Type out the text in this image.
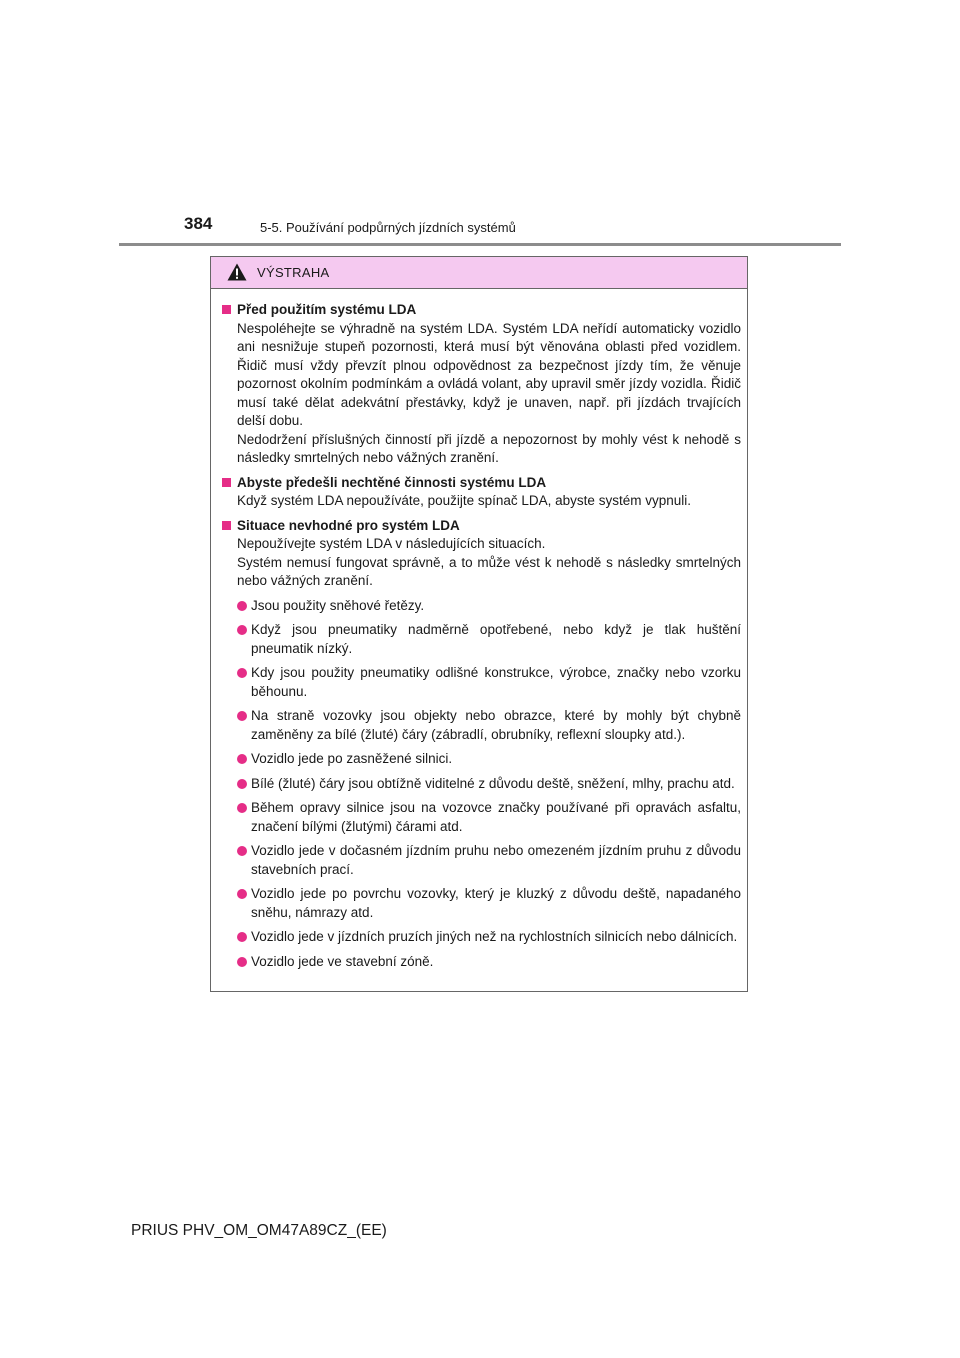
384	5-5. Používání podpůrných jízdních systémů
VÝSTRAHA
Před použitím systému LDA
Nespoléhejte se výhradně na systém LDA. Systém LDA neřídí automaticky vozidlo ani nesnižuje stupeň pozornosti, která musí být věnována oblasti před vozidlem. Řidič musí vždy převzít plnou odpovědnost za bezpečnost jízdy tím, že věnuje pozornost okolním podmínkám a ovládá volant, aby upravil směr jízdy vozidla. Řidič musí také dělat adekvátní přestávky, když je unaven, např. při jízdách trvajících delší dobu.
Nedodržení příslušných činností při jízdě a nepozornost by mohly vést k nehodě s následky smrtelných nebo vážných zranění.
Abyste předešli nechtěné činnosti systému LDA
Když systém LDA nepoužíváte, použijte spínač LDA, abyste systém vypnuli.
Situace nevhodné pro systém LDA
Nepoužívejte systém LDA v následujících situacích.
Systém nemusí fungovat správně, a to může vést k nehodě s následky smrtelných nebo vážných zranění.
Jsou použity sněhové řetězy.
Když jsou pneumatiky nadměrně opotřebené, nebo když je tlak huštění pneumatik nízký.
Kdy jsou použity pneumatiky odlišné konstrukce, výrobce, značky nebo vzorku běhounu.
Na straně vozovky jsou objekty nebo obrazce, které by mohly být chybně zaměněny za bílé (žluté) čáry (zábradlí, obrubníky, reflexní sloupky atd.).
Vozidlo jede po zasněžené silnici.
Bílé (žluté) čáry jsou obtížně viditelné z důvodu deště, sněžení, mlhy, prachu atd.
Během opravy silnice jsou na vozovce značky používané při opravách asfaltu, značení bílými (žlutými) čárami atd.
Vozidlo jede v dočasném jízdním pruhu nebo omezeném jízdním pruhu z důvodu stavebních prací.
Vozidlo jede po povrchu vozovky, který je kluzký z důvodu deště, napadaného sněhu, námrazy atd.
Vozidlo jede v jízdních pruzích jiných než na rychlostních silnicích nebo dálnicích.
Vozidlo jede ve stavební zóně.
PRIUS PHV_OM_OM47A89CZ_(EE)
